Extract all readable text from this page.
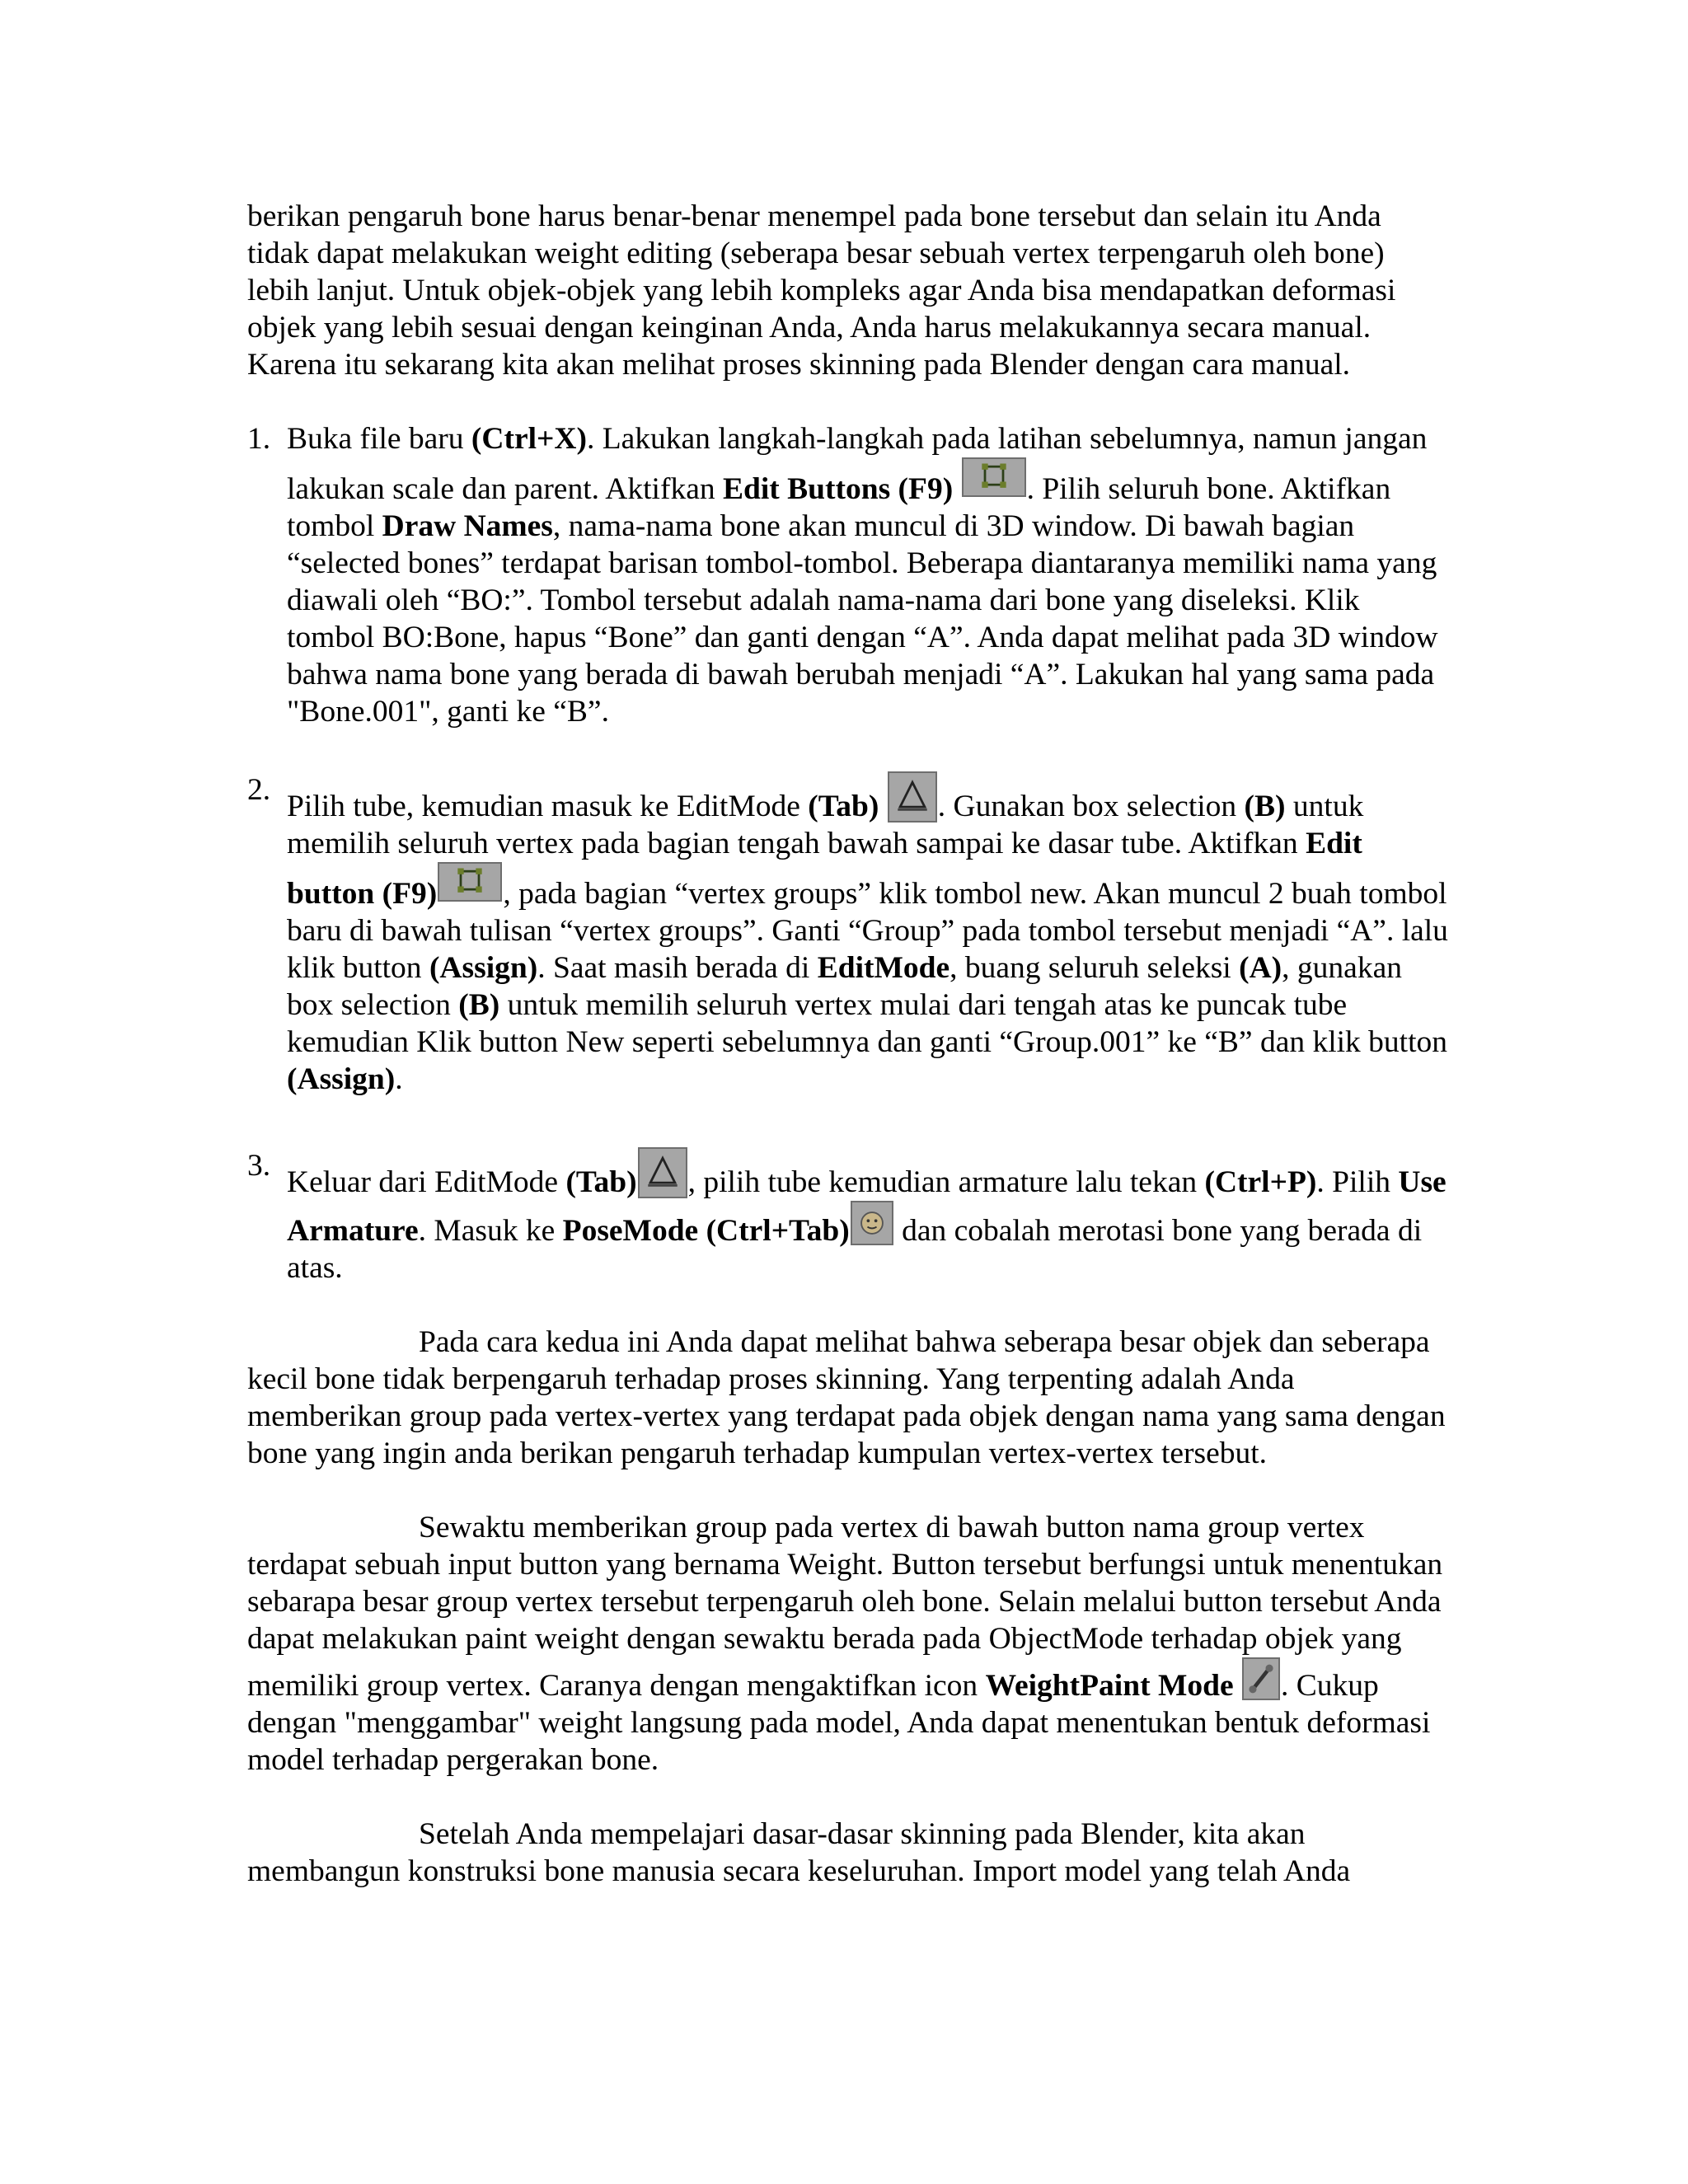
berikan pengaruh bone harus benar-benar menempel pada bone tersebut dan selain itu Anda tidak dapat melakukan weight editing (seberapa besar sebuah vertex terpengaruh oleh bone) lebih lanjut. Untuk objek-objek yang lebih kompleks agar Anda bisa mendapatkan deformasi objek yang lebih sesuai dengan keinginan Anda, Anda harus melakukannya secara manual. Karena itu sekarang kita akan melihat proses skinning pada Blender dengan cara manual.

1. Buka file baru (Ctrl+X). Lakukan langkah-langkah pada latihan sebelumnya, namun jangan lakukan scale dan parent. Aktifkan Edit Buttons (F9) . Pilih seluruh bone. Aktifkan tombol Draw Names, nama-nama bone akan muncul di 3D window. Di bawah bagian “selected bones” terdapat barisan tombol-tombol. Beberapa diantaranya memiliki nama yang diawali oleh “BO:”. Tombol tersebut adalah nama-nama dari bone yang diseleksi. Klik tombol BO:Bone, hapus “Bone” dan ganti dengan “A”. Anda dapat melihat pada 3D window bahwa nama bone yang berada di bawah berubah menjadi “A”. Lakukan hal yang sama pada "Bone.001", ganti ke “B”.
2. Pilih tube, kemudian masuk ke EditMode (Tab) . Gunakan box selection (B) untuk memilih seluruh vertex pada bagian tengah bawah sampai ke dasar tube. Aktifkan Edit button (F9) , pada bagian “vertex groups” klik tombol new. Akan muncul 2 buah tombol baru di bawah tulisan “vertex groups”. Ganti “Group” pada tombol tersebut menjadi “A”. lalu klik button (Assign). Saat masih berada di EditMode, buang seluruh seleksi (A), gunakan box selection (B) untuk memilih seluruh vertex mulai dari tengah atas ke puncak tube kemudian Klik button New seperti sebelumnya dan ganti “Group.001” ke “B” dan klik button (Assign).
3. Keluar dari EditMode (Tab) , pilih tube kemudian armature lalu tekan (Ctrl+P). Pilih Use Armature. Masuk ke PoseMode (Ctrl+Tab)
dan cobalah merotasi bone yang berada di atas.

Pada cara kedua ini Anda dapat melihat bahwa seberapa besar objek dan seberapa kecil bone tidak berpengaruh terhadap proses skinning. Yang terpenting adalah Anda memberikan group pada vertex-vertex yang terdapat pada objek dengan nama yang sama dengan bone yang ingin anda berikan pengaruh terhadap kumpulan vertex-vertex tersebut.

Sewaktu memberikan group pada vertex di bawah button nama group vertex terdapat sebuah input button yang bernama Weight. Button tersebut berfungsi untuk menentukan sebarapa besar group vertex tersebut terpengaruh oleh bone. Selain melalui button tersebut Anda dapat melakukan paint weight dengan sewaktu berada pada ObjectMode terhadap objek yang memiliki group vertex. Caranya dengan mengaktifkan icon WeightPaint Mode . Cukup dengan "menggambar" weight langsung pada model, Anda dapat menentukan bentuk deformasi model terhadap pergerakan bone.

Setelah Anda mempelajari dasar-dasar skinning pada Blender, kita akan membangun konstruksi bone manusia secara keseluruhan. Import model yang telah Anda
